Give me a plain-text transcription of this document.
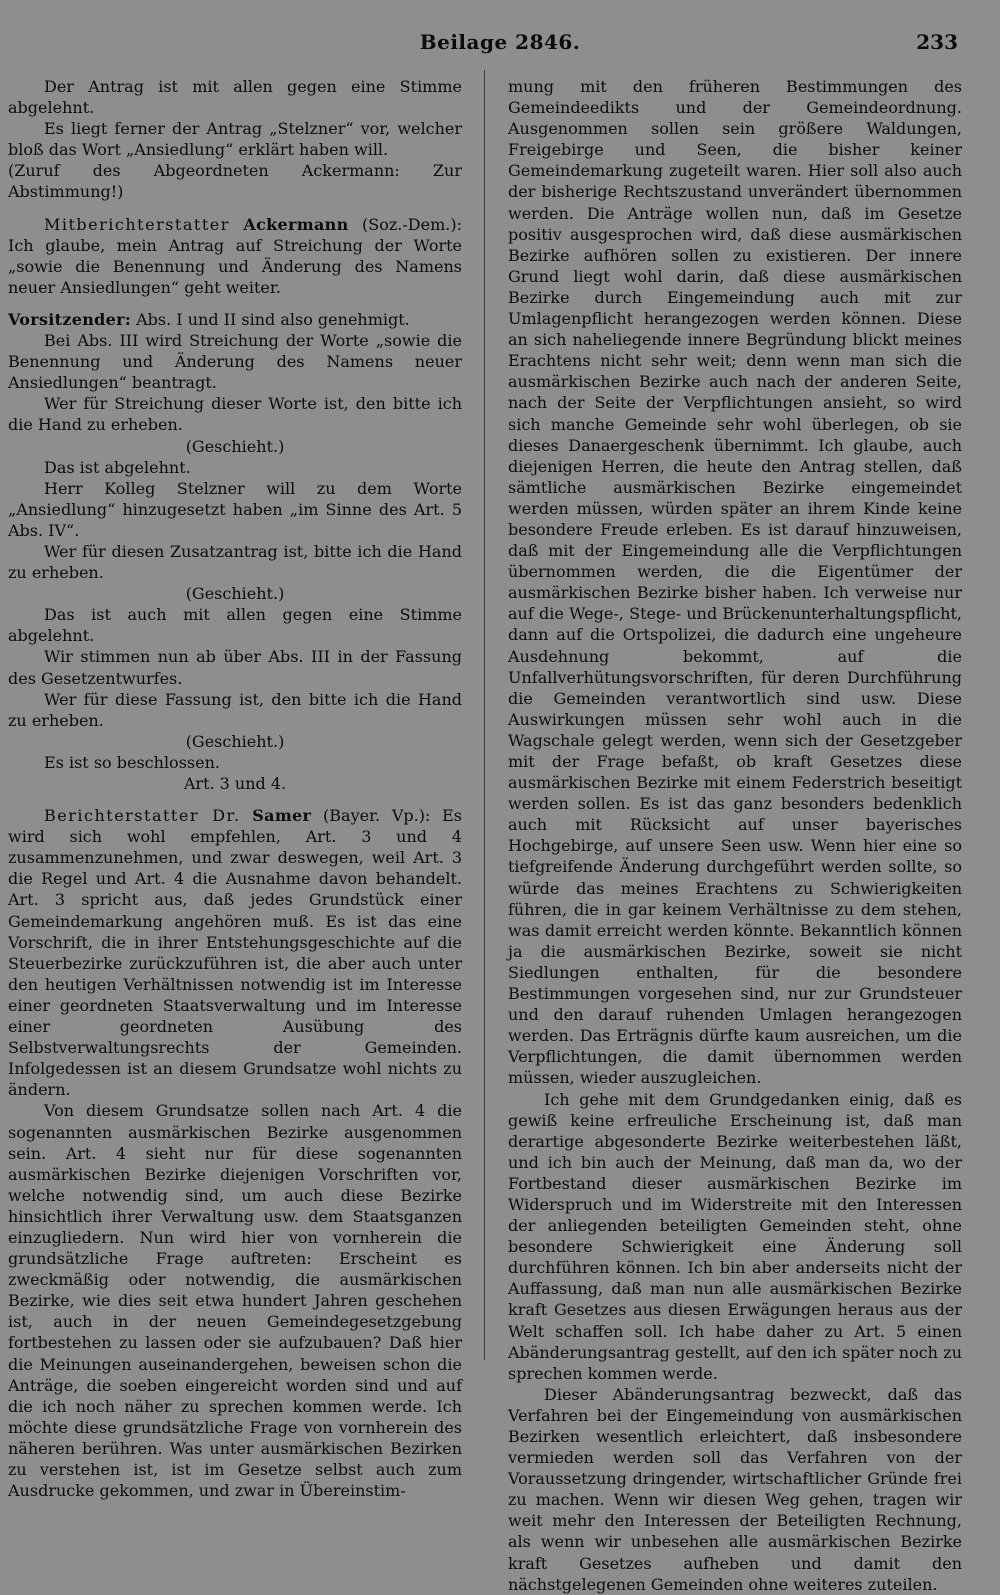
Beilage 2846.	233

Der Antrag ist mit allen gegen eine Stimme abgelehnt.

Es liegt ferner der Antrag „Stelzner“ vor, welcher bloß das Wort „Ansiedlung“ erklärt haben will.

(Zuruf des Abgeordneten Ackermann: Zur Abstimmung!)

Mitberichterstatter Ackermann (Soz.-Dem.): Ich glaube, mein Antrag auf Streichung der Worte „sowie die Benennung und Änderung des Namens neuer Ansiedlungen“ geht weiter.

Vorsitzender: Abs. I und II sind also genehmigt.

Bei Abs. III wird Streichung der Worte „sowie die Benennung und Änderung des Namens neuer Ansiedlungen“ beantragt.

Wer für Streichung dieser Worte ist, den bitte ich die Hand zu erheben.

(Geschieht.)

Das ist abgelehnt.

Herr Kolleg Stelzner will zu dem Worte „Ansiedlung“ hinzugesetzt haben „im Sinne des Art. 5 Abs. IV“.

Wer für diesen Zusatzantrag ist, bitte ich die Hand zu erheben.

(Geschieht.)

Das ist auch mit allen gegen eine Stimme abgelehnt.

Wir stimmen nun ab über Abs. III in der Fassung des Gesetzentwurfes.

Wer für diese Fassung ist, den bitte ich die Hand zu erheben.

(Geschieht.)

Es ist so beschlossen.

Art. 3 und 4.

Berichterstatter Dr. Samer (Bayer. Vp.): Es wird sich wohl empfehlen, Art. 3 und 4 zusammenzunehmen, und zwar deswegen, weil Art. 3 die Regel und Art. 4 die Ausnahme davon behandelt. Art. 3 spricht aus, daß jedes Grundstück einer Gemeindemarkung angehören muß. Es ist das eine Vorschrift, die in ihrer Entstehungsgeschichte auf die Steuerbezirke zurückzuführen ist, die aber auch unter den heutigen Verhältnissen notwendig ist im Interesse einer geordneten Staatsverwaltung und im Interesse einer geordneten Ausübung des Selbstverwaltungsrechts der Gemeinden. Infolgedessen ist an diesem Grundsatze wohl nichts zu ändern.

Von diesem Grundsatze sollen nach Art. 4 die sogenannten ausmärkischen Bezirke ausgenommen sein. Art. 4 sieht nur für diese sogenannten ausmärkischen Bezirke diejenigen Vorschriften vor, welche notwendig sind, um auch diese Bezirke hinsichtlich ihrer Verwaltung usw. dem Staatsganzen einzugliedern. Nun wird hier von vornherein die grundsätzliche Frage auftreten: Erscheint es zweckmäßig oder notwendig, die ausmärkischen Bezirke, wie dies seit etwa hundert Jahren geschehen ist, auch in der neuen Gemeindegesetzgebung fortbestehen zu lassen oder sie aufzubauen? Daß hier die Meinungen auseinandergehen, beweisen schon die Anträge, die soeben eingereicht worden sind und auf die ich noch näher zu sprechen kommen werde. Ich möchte diese grundsätzliche Frage von vornherein des näheren berühren. Was unter ausmärkischen Bezirken zu verstehen ist, ist im Gesetze selbst auch zum Ausdrucke gekommen, und zwar in Übereinstim-

mung mit den früheren Bestimmungen des Gemeindeedikts und der Gemeindeordnung. Ausgenommen sollen sein größere Waldungen, Freigebirge und Seen, die bisher keiner Gemeindemarkung zugeteilt waren. Hier soll also auch der bisherige Rechtszustand unverändert übernommen werden. Die Anträge wollen nun, daß im Gesetze positiv ausgesprochen wird, daß diese ausmärkischen Bezirke aufhören sollen zu existieren. Der innere Grund liegt wohl darin, daß diese ausmärkischen Bezirke durch Eingemeindung auch mit zur Umlagenpflicht herangezogen werden können. Diese an sich naheliegende innere Begründung blickt meines Erachtens nicht sehr weit; denn wenn man sich die ausmärkischen Bezirke auch nach der anderen Seite, nach der Seite der Verpflichtungen ansieht, so wird sich manche Gemeinde sehr wohl überlegen, ob sie dieses Danaergeschenk übernimmt. Ich glaube, auch diejenigen Herren, die heute den Antrag stellen, daß sämtliche ausmärkischen Bezirke eingemeindet werden müssen, würden später an ihrem Kinde keine besondere Freude erleben. Es ist darauf hinzuweisen, daß mit der Eingemeindung alle die Verpflichtungen übernommen werden, die die Eigentümer der ausmärkischen Bezirke bisher haben. Ich verweise nur auf die Wege-, Stege- und Brückenunterhaltungspflicht, dann auf die Ortspolizei, die dadurch eine ungeheure Ausdehnung bekommt, auf die Unfallverhütungsvorschriften, für deren Durchführung die Gemeinden verantwortlich sind usw. Diese Auswirkungen müssen sehr wohl auch in die Wagschale gelegt werden, wenn sich der Gesetzgeber mit der Frage befaßt, ob kraft Gesetzes diese ausmärkischen Bezirke mit einem Federstrich beseitigt werden sollen. Es ist das ganz besonders bedenklich auch mit Rücksicht auf unser bayerisches Hochgebirge, auf unsere Seen usw. Wenn hier eine so tiefgreifende Änderung durchgeführt werden sollte, so würde das meines Erachtens zu Schwierigkeiten führen, die in gar keinem Verhältnisse zu dem stehen, was damit erreicht werden könnte. Bekanntlich können ja die ausmärkischen Bezirke, soweit sie nicht Siedlungen enthalten, für die besondere Bestimmungen vorgesehen sind, nur zur Grundsteuer und den darauf ruhenden Umlagen herangezogen werden. Das Erträgnis dürfte kaum ausreichen, um die Verpflichtungen, die damit übernommen werden müssen, wieder auszugleichen.

Ich gehe mit dem Grundgedanken einig, daß es gewiß keine erfreuliche Erscheinung ist, daß man derartige abgesonderte Bezirke weiterbestehen läßt, und ich bin auch der Meinung, daß man da, wo der Fortbestand dieser ausmärkischen Bezirke im Widerspruch und im Widerstreite mit den Interessen der anliegenden beteiligten Gemeinden steht, ohne besondere Schwierigkeit eine Änderung soll durchführen können. Ich bin aber anderseits nicht der Auffassung, daß man nun alle ausmärkischen Bezirke kraft Gesetzes aus diesen Erwägungen heraus aus der Welt schaffen soll. Ich habe daher zu Art. 5 einen Abänderungsantrag gestellt, auf den ich später noch zu sprechen kommen werde.

Dieser Abänderungsantrag bezweckt, daß das Verfahren bei der Eingemeindung von ausmärkischen Bezirken wesentlich erleichtert, daß insbesondere vermieden werden soll das Verfahren von der Voraussetzung dringender, wirtschaftlicher Gründe frei zu machen. Wenn wir diesen Weg gehen, tragen wir weit mehr den Interessen der Beteiligten Rechnung, als wenn wir unbesehen alle ausmärkischen Bezirke kraft Gesetzes aufheben und damit den nächstgelegenen Gemeinden ohne weiteres zuteilen.
